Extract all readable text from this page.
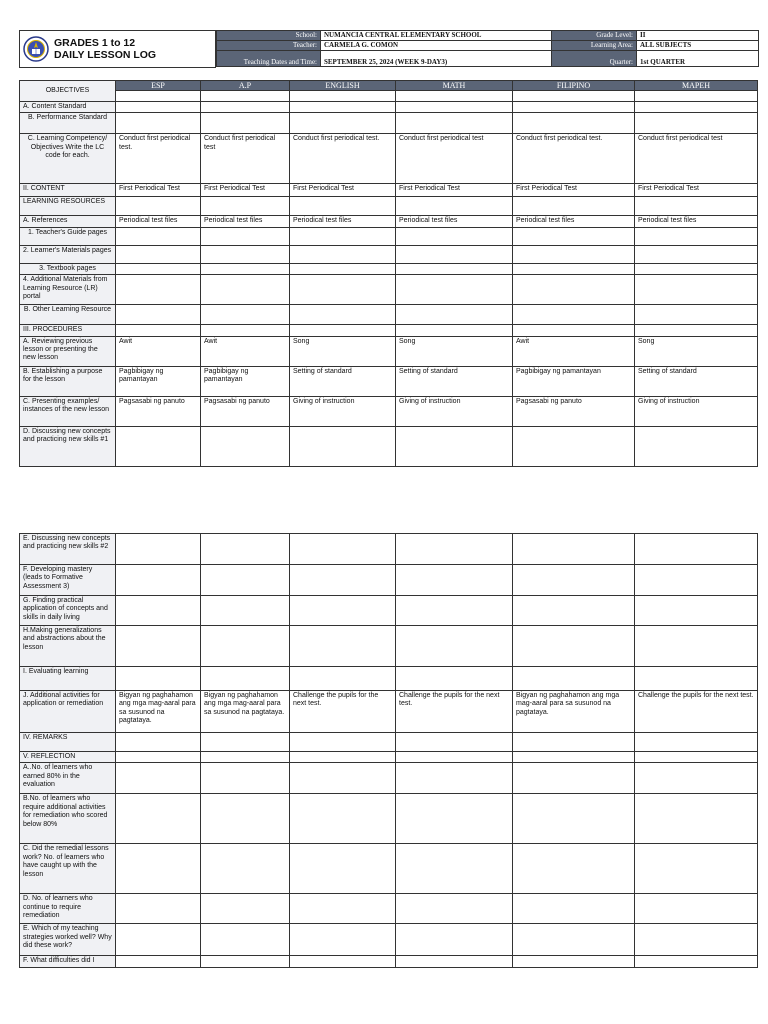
GRADES 1 to 12
DAILY LESSON LOG
School:	NUMANCIA CENTRAL ELEMENTARY SCHOOL	Grade Level:	II
Teacher:	CARMELA G. COMON	Learning Area:	ALL SUBJECTS
Teaching Dates and Time:	SEPTEMBER 25, 2024 (WEEK 9-DAY3)	Quarter:	1st QUARTER
OBJECTIVES	ESP	A.P	ENGLISH	MATH	FILIPINO	MAPEH

A. Content Standard						
B. Performance Standard						
C. Learning Competency/ Objectives Write the LC code for each.	Conduct first periodical test.	Conduct first periodical test	Conduct first periodical test.	Conduct first periodical test	Conduct first periodical test.	Conduct first periodical test
II. CONTENT	First Periodical Test	First Periodical Test	First Periodical Test	First Periodical Test	First Periodical Test	First Periodical Test
LEARNING RESOURCES						
A. References	Periodical test files	Periodical test files	Periodical test files	Periodical test files	Periodical test files	Periodical test files
1. Teacher's Guide pages						
2. Learner's Materials pages						
3. Textbook pages						
4. Additional Materials from Learning Resource (LR) portal						
B. Other Learning Resource						
III. PROCEDURES						
A. Reviewing previous lesson or presenting the new lesson	Awit	Awit	Song	Song	Awit	Song
B. Establishing a purpose for the lesson	Pagbibigay ng pamantayan	Pagbibigay ng pamantayan	Setting of standard	Setting of standard	Pagbibigay ng pamantayan	Setting of standard
C. Presenting examples/ instances of the new lesson	Pagsasabi ng panuto	Pagsasabi ng panuto	Giving of instruction	Giving of instruction	Pagsasabi ng panuto	Giving of instruction
D. Discussing new concepts and practicing new skills #1						
E. Discussing new concepts and practicing new skills #2						
F. Developing mastery (leads to Formative Assessment 3)						
G. Finding practical application of concepts and skills in daily living						
H.Making generalizations and abstractions about the lesson						
I. Evaluating learning						
J. Additional activities for application or remediation	Bigyan ng paghahamon ang mga mag-aaral para sa susunod na pagtataya.	Bigyan ng paghahamon ang mga mag-aaral para sa susunod na pagtataya.	Challenge the pupils for the next test.	Challenge the pupils for the next test.	Bigyan ng paghahamon ang mga mag-aaral para sa susunod na pagtataya.	Challenge the pupils for the next test.
IV. REMARKS						
V. REFLECTION						
A..No. of learners who earned 80% in the evaluation						
B.No. of learners who require additional activities for remediation who scored below 80%						
C. Did the remedial lessons work? No. of learners who have caught up with the lesson						
D. No. of learners who continue to require remediation						
E. Which of my teaching strategies worked well? Why did these work?						
F. What difficulties did I						
